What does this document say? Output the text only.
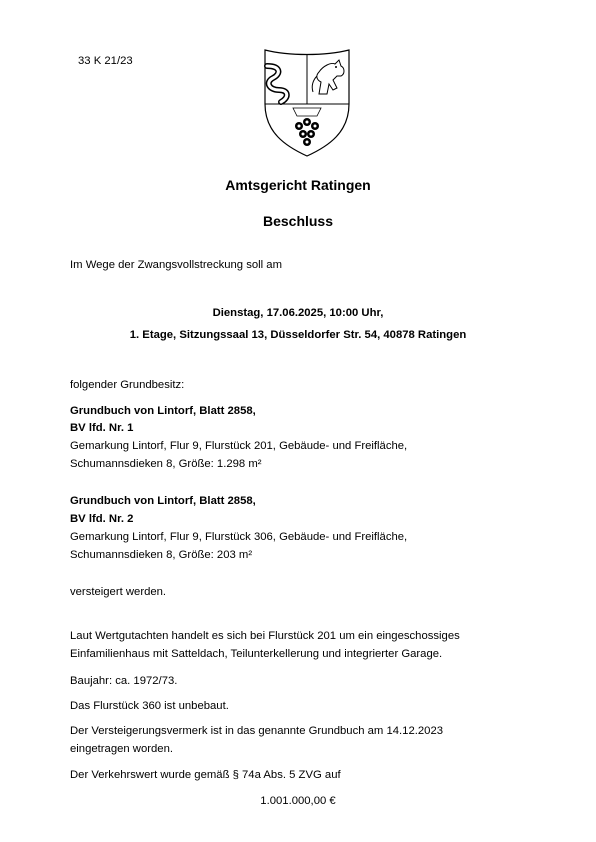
33 K 21/23
Amtsgericht Ratingen
Beschluss
Im Wege der Zwangsvollstreckung soll am
Dienstag, 17.06.2025, 10:00 Uhr,
1. Etage, Sitzungssaal 13, Düsseldorfer Str. 54, 40878 Ratingen
folgender Grundbesitz:
Grundbuch von Lintorf, Blatt 2858,
BV lfd. Nr. 1
Gemarkung Lintorf, Flur 9, Flurstück 201, Gebäude- und Freifläche,
Schumannsdieken 8, Größe: 1.298 m²
Grundbuch von Lintorf, Blatt 2858,
BV lfd. Nr. 2
Gemarkung Lintorf, Flur 9, Flurstück 306, Gebäude- und Freifläche,
Schumannsdieken 8, Größe: 203 m²
versteigert werden.
Laut Wertgutachten handelt es sich bei Flurstück 201 um ein eingeschossiges
Einfamilienhaus mit Satteldach, Teilunterkellerung und integrierter Garage.
Baujahr: ca. 1972/73.
Das Flurstück 360 ist unbebaut.
Der Versteigerungsvermerk ist in das genannte Grundbuch am 14.12.2023
eingetragen worden.
Der Verkehrswert wurde gemäß § 74a Abs. 5 ZVG auf
1.001.000,00 €
